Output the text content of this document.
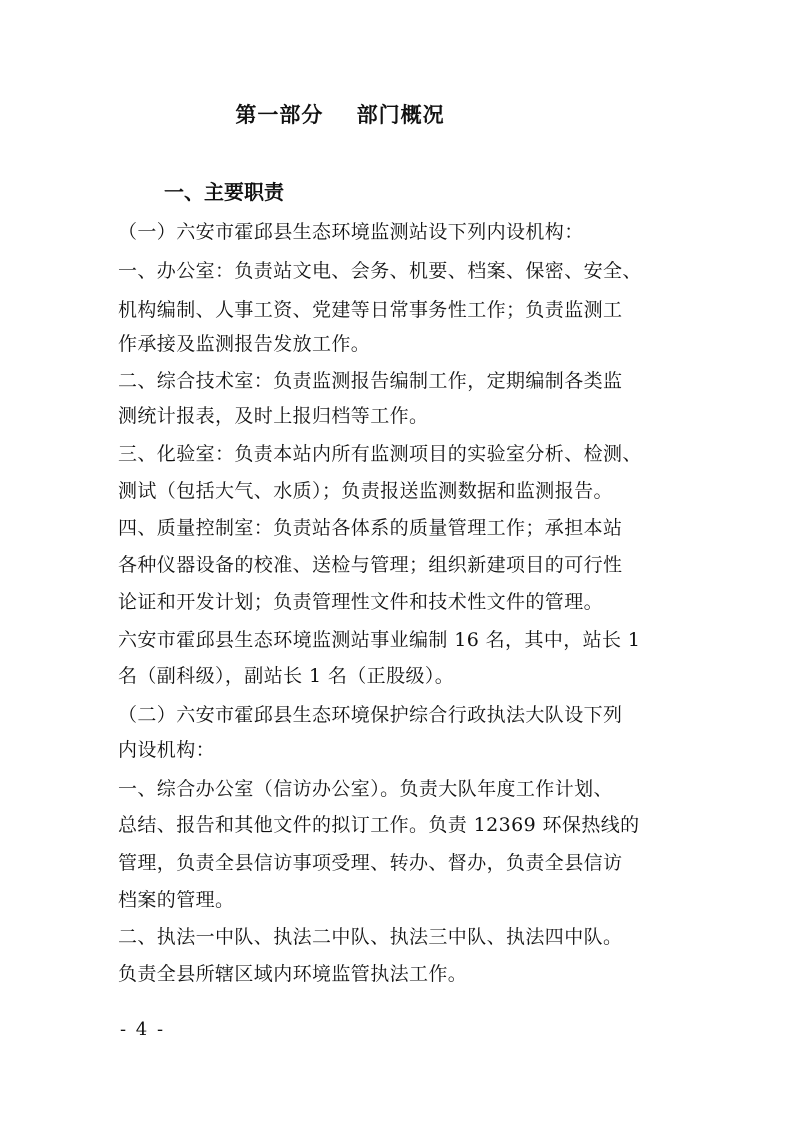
第一部分    部门概况
一、主要职责
（一）六安市霍邱县生态环境监测站设下列内设机构：
一、办公室：负责站文电、会务、机要、档案、保密、安全、
机构编制、人事工资、党建等日常事务性工作；负责监测工
作承接及监测报告发放工作。
二、综合技术室：负责监测报告编制工作，定期编制各类监
测统计报表，及时上报归档等工作。
三、化验室：负责本站内所有监测项目的实验室分析、检测、
测试（包括大气、水质）；负责报送监测数据和监测报告。
四、质量控制室：负责站各体系的质量管理工作；承担本站
各种仪器设备的校准、送检与管理；组织新建项目的可行性
论证和开发计划；负责管理性文件和技术性文件的管理。
六安市霍邱县生态环境监测站事业编制 16 名，其中，站长 1
名（副科级），副站长 1 名（正股级）。
（二）六安市霍邱县生态环境保护综合行政执法大队设下列
内设机构：
一、综合办公室（信访办公室）。负责大队年度工作计划、
总结、报告和其他文件的拟订工作。负责 12369 环保热线的
管理，负责全县信访事项受理、转办、督办，负责全县信访
档案的管理。
二、执法一中队、执法二中队、执法三中队、执法四中队。
负责全县所辖区域内环境监管执法工作。
- 4 -
